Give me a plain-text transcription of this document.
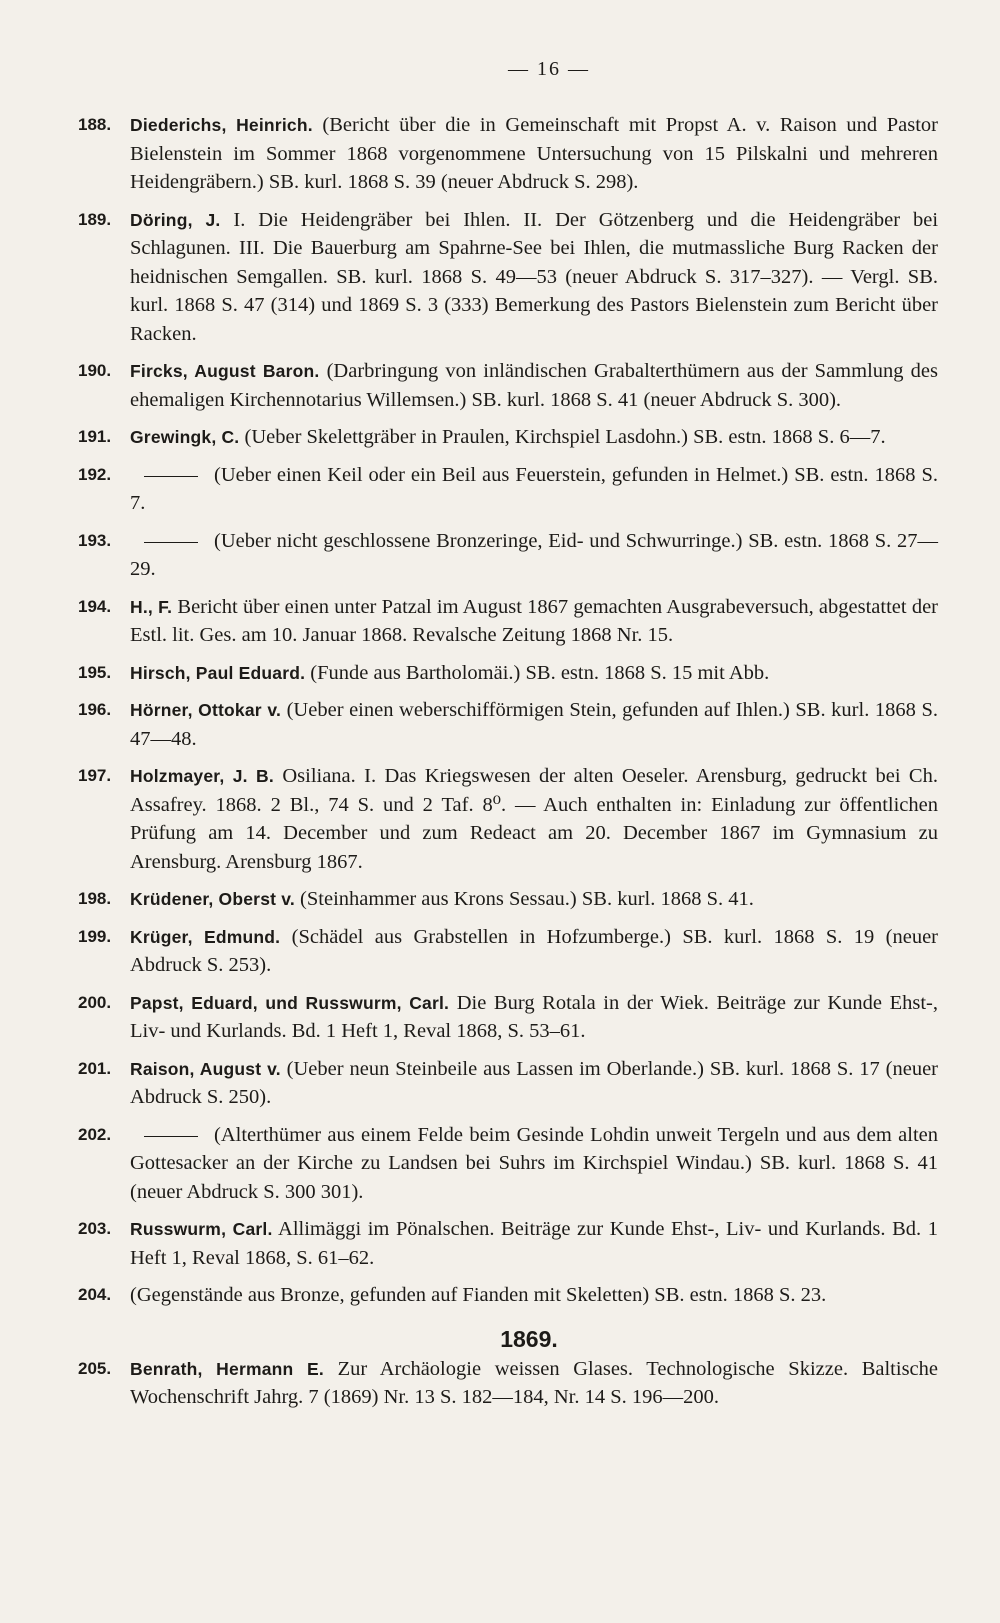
— 16 —
188.	Diederichs, Heinrich. (Bericht über die in Gemeinschaft mit Propst A. v. Raison und Pastor Bielenstein im Sommer 1868 vorgenommene Untersuchung von 15 Pilskalni und mehreren Heidengräbern.) SB. kurl. 1868 S. 39 (neuer Abdruck S. 298).
189.	Döring, J. I. Die Heidengräber bei Ihlen. II. Der Götzenberg und die Heidengräber bei Schlagunen. III. Die Bauerburg am Spahrne-See bei Ihlen, die mutmassliche Burg Racken der heidnischen Semgallen. SB. kurl. 1868 S. 49—53 (neuer Abdruck S. 317–327). — Vergl. SB. kurl. 1868 S. 47 (314) und 1869 S. 3 (333) Bemerkung des Pastors Bielenstein zum Bericht über Racken.
190.	Fircks, August Baron. (Darbringung von inländischen Grabalterthümern aus der Sammlung des ehemaligen Kirchennotarius Willemsen.) SB. kurl. 1868 S. 41 (neuer Abdruck S. 300).
191.	Grewingk, C. (Ueber Skelettgräber in Praulen, Kirchspiel Lasdohn.) SB. estn. 1868 S. 6—7.
192.	(Ueber einen Keil oder ein Beil aus Feuerstein, gefunden in Helmet.) SB. estn. 1868 S. 7.
193.	(Ueber nicht geschlossene Bronzeringe, Eid- und Schwurringe.) SB. estn. 1868 S. 27—29.
194.	H., F. Bericht über einen unter Patzal im August 1867 gemachten Ausgrabeversuch, abgestattet der Estl. lit. Ges. am 10. Januar 1868. Revalsche Zeitung 1868 Nr. 15.
195.	Hirsch, Paul Eduard. (Funde aus Bartholomäi.) SB. estn. 1868 S. 15 mit Abb.
196.	Hörner, Ottokar v. (Ueber einen weberschifförmigen Stein, gefunden auf Ihlen.) SB. kurl. 1868 S. 47—48.
197.	Holzmayer, J. B. Osiliana. I. Das Kriegswesen der alten Oeseler. Arensburg, gedruckt bei Ch. Assafrey. 1868. 2 Bl., 74 S. und 2 Taf. 8⁰. — Auch enthalten in: Einladung zur öffentlichen Prüfung am 14. December und zum Redeact am 20. December 1867 im Gymnasium zu Arensburg. Arensburg 1867.
198.	Krüdener, Oberst v. (Steinhammer aus Krons Sessau.) SB. kurl. 1868 S. 41.
199.	Krüger, Edmund. (Schädel aus Grabstellen in Hofzumberge.) SB. kurl. 1868 S. 19 (neuer Abdruck S. 253).
200.	Papst, Eduard, und Russwurm, Carl. Die Burg Rotala in der Wiek. Beiträge zur Kunde Ehst-, Liv- und Kurlands. Bd. 1 Heft 1, Reval 1868, S. 53–61.
201.	Raison, August v. (Ueber neun Steinbeile aus Lassen im Oberlande.) SB. kurl. 1868 S. 17 (neuer Abdruck S. 250).
202.	(Alterthümer aus einem Felde beim Gesinde Lohdin unweit Tergeln und aus dem alten Gottesacker an der Kirche zu Landsen bei Suhrs im Kirchspiel Windau.) SB. kurl. 1868 S. 41 (neuer Abdruck S. 300 301).
203.	Russwurm, Carl. Allimäggi im Pönalschen. Beiträge zur Kunde Ehst-, Liv- und Kurlands. Bd. 1 Heft 1, Reval 1868, S. 61–62.
204. (Gegenstände aus Bronze, gefunden auf Fianden mit Skeletten) SB. estn. 1868 S. 23.
1869.
205.	Benrath, Hermann E. Zur Archäologie weissen Glases. Technologische Skizze. Baltische Wochenschrift Jahrg. 7 (1869) Nr. 13 S. 182—184, Nr. 14 S. 196—200.
